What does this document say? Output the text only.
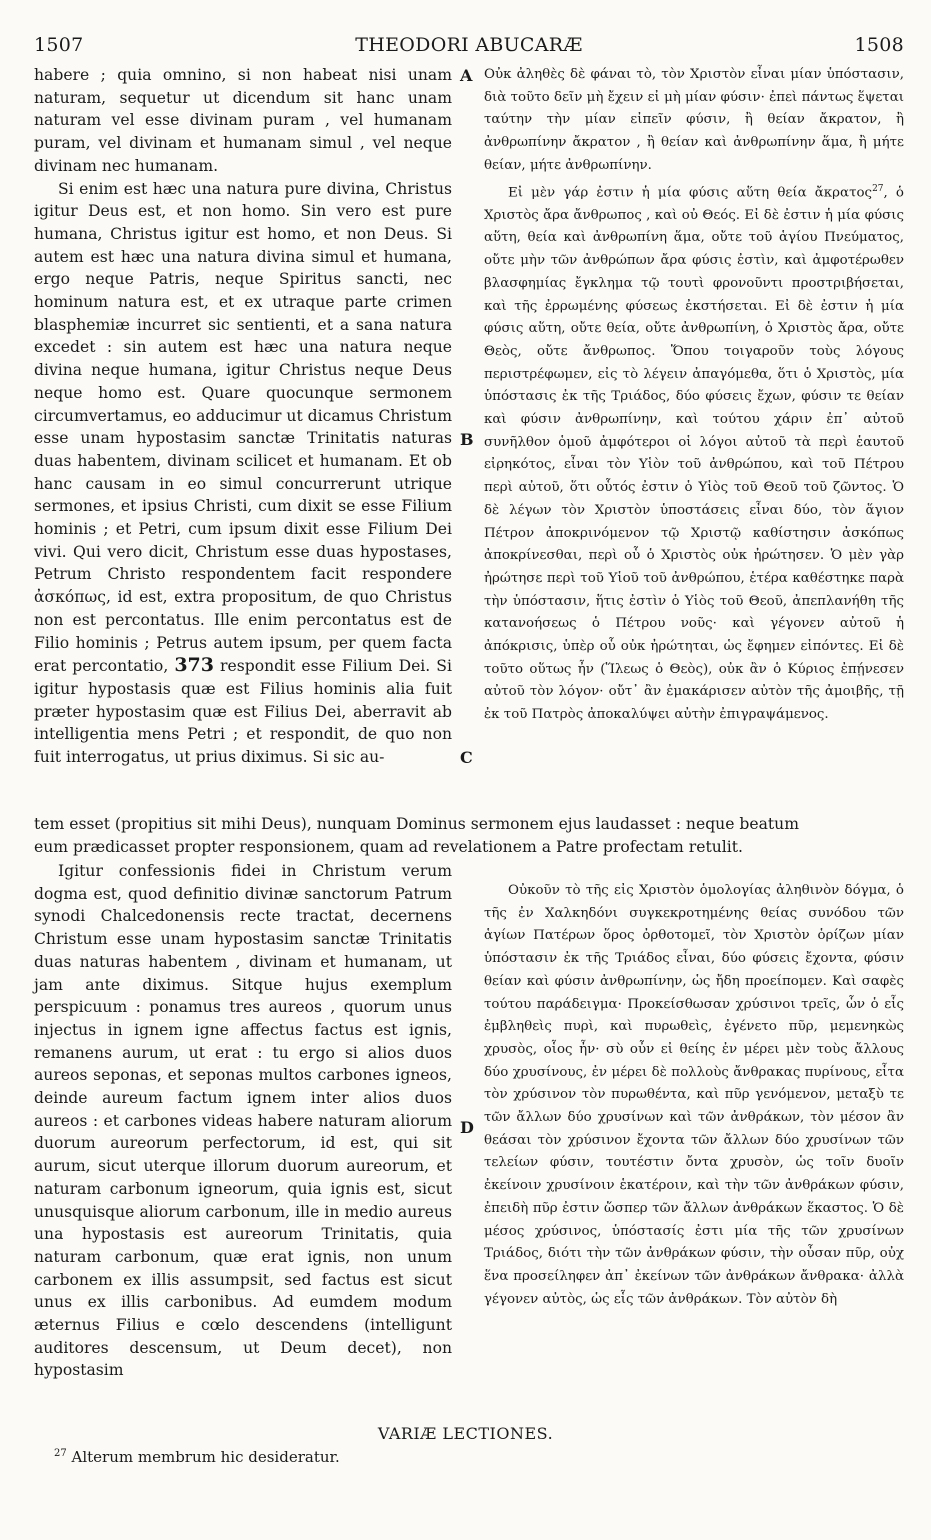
1507	THEODORI ABUCARÆ	1508

habere ; quia omnino, si non habeat nisi unam naturam, sequetur ut dicendum sit hanc unam naturam vel esse divinam puram , vel humanam puram, vel divinam et humanam simul , vel neque divinam nec humanam.

Si enim est hæc una natura pure divina, Christus igitur Deus est, et non homo. Sin vero est pure humana, Christus igitur est homo, et non Deus. Si autem est hæc una natura divina simul et humana, ergo neque Patris, neque Spiritus sancti, nec hominum natura est, et ex utraque parte crimen blasphemiæ incurret sic sentienti, et a sana natura excedet : sin autem est hæc una natura neque divina neque humana, igitur Christus neque Deus neque homo est. Quare quocunque sermonem circumvertamus, eo adducimur ut dicamus Christum esse unam hypostasim sanctæ Trinitatis naturas duas habentem, divinam scilicet et humanam. Et ob hanc causam in eo simul concurrerunt utrique sermones, et ipsius Christi, cum dixit se esse Filium hominis ; et Petri, cum ipsum dixit esse Filium Dei vivi. Qui vero dicit, Christum esse duas hypostases, Petrum Christo respondentem facit respondere ἀσκόπως, id est, extra propositum, de quo Christus non est percontatus. Ille enim percontatus est de Filio hominis ; Petrus autem ipsum, per quem facta erat percontatio, 373 respondit esse Filium Dei. Si igitur hypostasis quæ est Filius hominis alia fuit præter hypostasim quæ est Filius Dei, aberravit ab intelligentia mens Petri ; et respondit, de quo non fuit interrogatus, ut prius diximus. Si sic au-

tem esset (propitius sit mihi Deus), nunquam Dominus sermonem ejus laudasset : neque beatum
eum prædicasset propter responsionem, quam ad revelationem a Patre profectam retulit.

Igitur confessionis fidei in Christum verum dogma est, quod definitio divinæ sanctorum Patrum synodi Chalcedonensis recte tractat, decernens Christum esse unam hypostasim sanctæ Trinitatis duas naturas habentem , divinam et humanam, ut jam ante diximus. Sitque hujus exemplum perspicuum : ponamus tres aureos , quorum unus injectus in ignem igne affectus factus est ignis, remanens aurum, ut erat : tu ergo si alios duos aureos seponas, et seponas multos carbones igneos, deinde aureum factum ignem inter alios duos aureos : et carbones videas habere naturam aliorum duorum aureorum perfectorum, id est, qui sit aurum, sicut uterque illorum duorum aureorum, et naturam carbonum igneorum, quia ignis est, sicut unusquisque aliorum carbonum, ille in medio aureus una hypostasis est aureorum Trinitatis, quia naturam carbonum, quæ erat ignis, non unum carbonem ex illis assumpsit, sed factus est sicut unus ex illis carbonibus. Ad eumdem modum æternus Filius e cœlo descendens (intelligunt auditores descensum, ut Deum decet), non hypostasim

Οὐκ ἀληθὲς δὲ φάναι τὸ, τὸν Χριστὸν εἶναι μίαν ὑπόστασιν, διὰ τοῦτο δεῖν μὴ ἔχειν εἰ μὴ μίαν φύσιν· ἐπεὶ πάντως ἕψεται ταύτην τὴν μίαν εἰπεῖν φύσιν, ἢ θείαν ἄκρατον, ἢ ἀνθρωπίνην ἄκρατον , ἢ θείαν καὶ ἀνθρωπίνην ἅμα, ἢ μήτε θείαν, μήτε ἀνθρωπίνην.

Εἰ μὲν γάρ ἐστιν ἡ μία φύσις αὕτη θεία ἄκρατος$^{27}$, ὁ Χριστὸς ἄρα ἄνθρωπος , καὶ οὐ Θεός. Εἰ δὲ ἐστιν ἡ μία φύσις αὕτη, θεία καὶ ἀνθρωπίνη ἅμα, οὔτε τοῦ ἁγίου Πνεύματος, οὔτε μὴν τῶν ἀνθρώπων ἄρα φύσις ἐστὶν, καὶ ἀμφοτέρωθεν βλασφημίας ἔγκλημα τῷ τουτὶ φρονοῦντι προστριβήσεται, καὶ τῆς ἐρρωμένης φύσεως ἐκστήσεται. Εἰ δὲ ἐστιν ἡ μία φύσις αὕτη, οὔτε θεία, οὔτε ἀνθρωπίνη, ὁ Χριστὸς ἄρα, οὔτε Θεὸς, οὔτε ἄνθρωπος. Ὅπου τοιγαροῦν τοὺς λόγους περιστρέφωμεν, εἰς τὸ λέγειν ἀπαγόμεθα, ὅτι ὁ Χριστὸς, μία ὑπόστασις ἐκ τῆς Τριάδος, δύο φύσεις ἔχων, φύσιν τε θείαν καὶ φύσιν ἀνθρωπίνην, καὶ τούτου χάριν ἐπ᾿ αὐτοῦ συνῆλθον ὁμοῦ ἀμφότεροι οἱ λόγοι αὐτοῦ τὰ περὶ ἑαυτοῦ εἰρηκότος, εἶναι τὸν Υἱὸν τοῦ ἀνθρώπου, καὶ τοῦ Πέτρου περὶ αὐτοῦ, ὅτι οὗτός ἐστιν ὁ Υἱὸς τοῦ Θεοῦ τοῦ ζῶντος. Ὁ δὲ λέγων τὸν Χριστὸν ὑποστάσεις εἶναι δύο, τὸν ἅγιον Πέτρον ἀποκρινόμενον τῷ Χριστῷ καθίστησιν ἀσκόπως ἀποκρίνεσθαι, περὶ οὗ ὁ Χριστὸς οὐκ ἠρώτησεν. Ὁ μὲν γὰρ ἠρώτησε περὶ τοῦ Υἱοῦ τοῦ ἀνθρώπου, ἑτέρα καθέστηκε παρὰ τὴν ὑπόστασιν, ἥτις ἐστὶν ὁ Υἱὸς τοῦ Θεοῦ, ἀπεπλανήθη τῆς κατανοήσεως ὁ Πέτρου νοῦς· καὶ γέγονεν αὐτοῦ ἡ ἀπόκρισις, ὑπὲρ οὗ οὐκ ἠρώτηται, ὡς ἔφημεν εἰπόντες. Εἰ δὲ τοῦτο οὕτως ἦν (Ἵλεως ὁ Θεὸς), οὐκ ἂν ὁ Κύριος ἐπῄνεσεν αὐτοῦ τὸν λόγον· οὔτ᾿ ἂν ἐμακάρισεν αὐτὸν τῆς ἀμοιβῆς, τῇ ἐκ τοῦ Πατρὸς ἀποκαλύψει αὐτὴν ἐπιγραψάμενος.

Οὐκοῦν τὸ τῆς εἰς Χριστὸν ὁμολογίας ἀληθινὸν δόγμα, ὁ τῆς ἐν Χαλκηδόνι συγκεκροτημένης θείας συνόδου τῶν ἁγίων Πατέρων ὅρος ὀρθοτομεῖ, τὸν Χριστὸν ὁρίζων μίαν ὑπόστασιν ἐκ τῆς Τριάδος εἶναι, δύο φύσεις ἔχοντα, φύσιν θείαν καὶ φύσιν ἀνθρωπίνην, ὡς ἤδη προείπομεν. Καὶ σαφὲς τούτου παράδειγμα· Προκείσθωσαν χρύσινοι τρεῖς, ὧν ὁ εἷς ἐμβληθεὶς πυρὶ, καὶ πυρωθεὶς, ἐγένετο πῦρ, μεμενηκὼς χρυσὸς, οἷος ἦν· σὺ οὖν εἰ θείης ἐν μέρει μὲν τοὺς ἄλλους δύο χρυσίνους, ἐν μέρει δὲ πολλοὺς ἄνθρακας πυρίνους, εἶτα τὸν χρύσινον τὸν πυρωθέντα, καὶ πῦρ γενόμενον, μεταξὺ τε τῶν ἄλλων δύο χρυσίνων καὶ τῶν ἀνθράκων, τὸν μέσον ἂν θεάσαι τὸν χρύσινον ἔχοντα τῶν ἄλλων δύο χρυσίνων τῶν τελείων φύσιν, τουτέστιν ὄντα χρυσὸν, ὡς τοῖν δυοῖν ἐκείνοιν χρυσίνοιν ἑκατέροιν, καὶ τὴν τῶν ἀνθράκων φύσιν, ἐπειδὴ πῦρ ἐστιν ὥσπερ τῶν ἄλλων ἀνθράκων ἕκαστος. Ὁ δὲ μέσος χρύσινος, ὑπόστασίς ἐστι μία τῆς τῶν χρυσίνων Τριάδος, διότι τὴν τῶν ἀνθράκων φύσιν, τὴν οὖσαν πῦρ, οὐχ ἕνα προσείληφεν ἀπ᾿ ἐκείνων τῶν ἀνθράκων ἄνθρακα· ἀλλὰ γέγονεν αὐτὸς, ὡς εἷς τῶν ἀνθράκων. Τὸν αὐτὸν δὴ

A
B
C
D
VARIÆ LECTIONES.
$^{27}$ Alterum membrum hic desideratur.
